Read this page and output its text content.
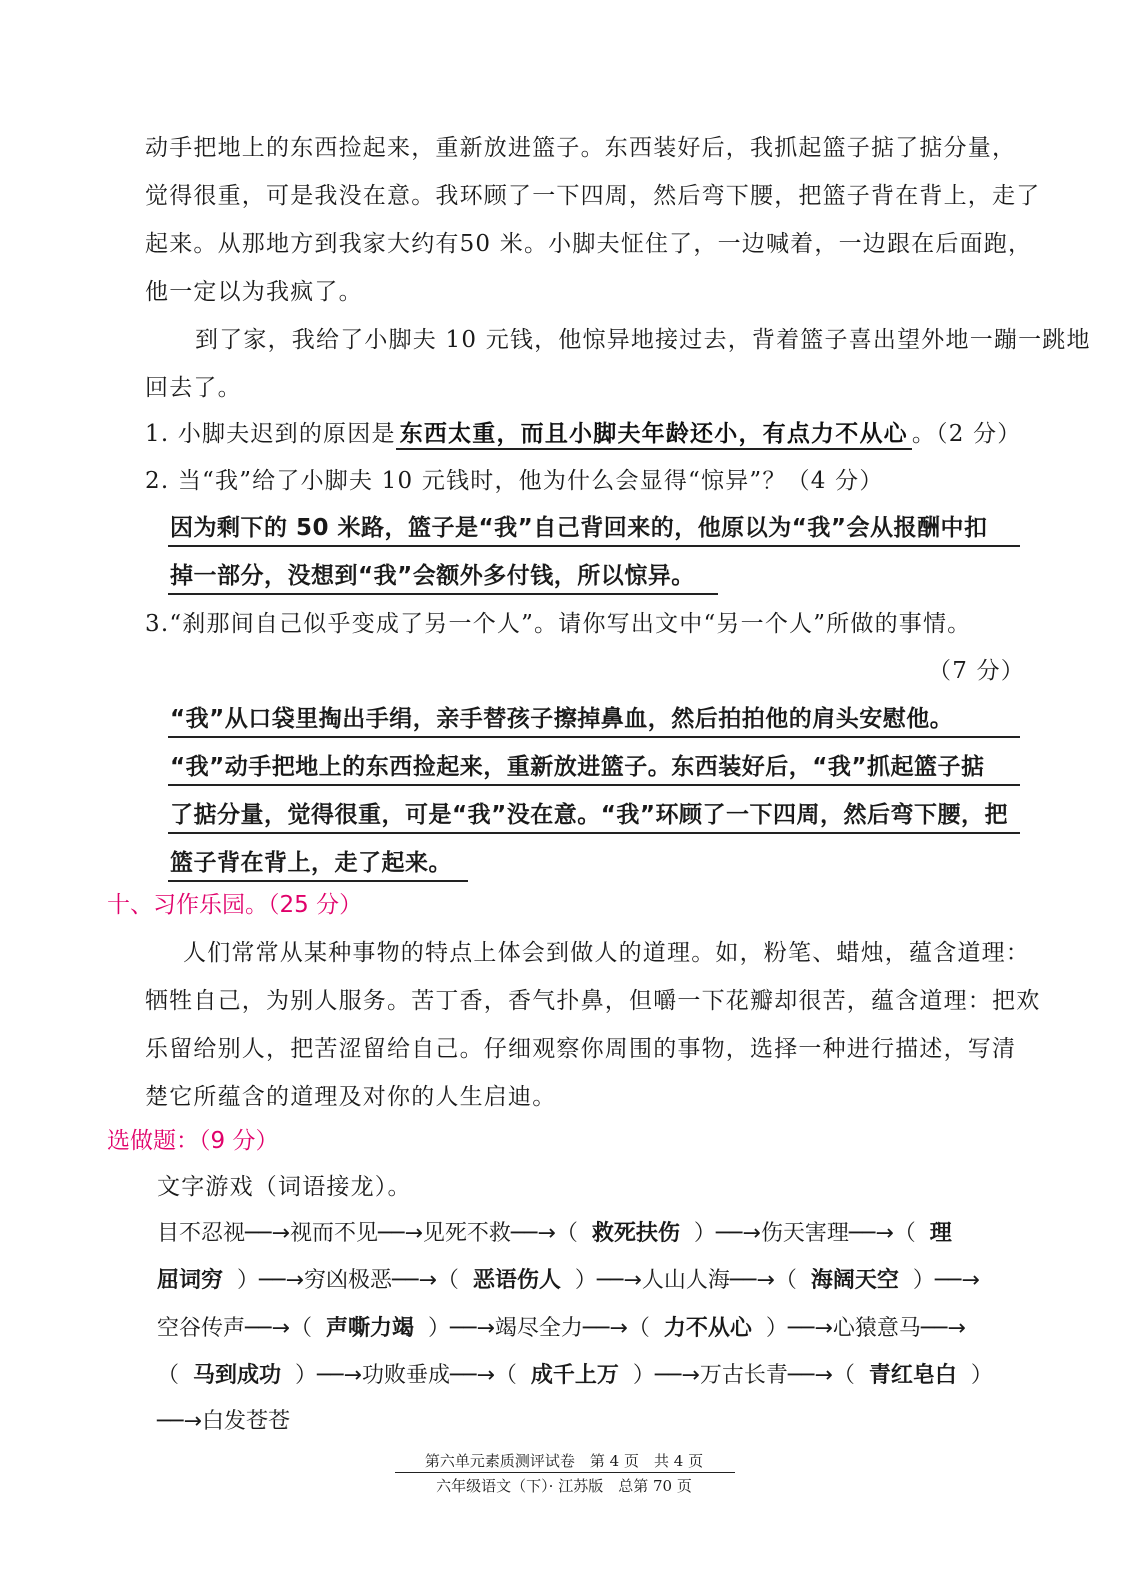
动手把地上的东西捡起来，重新放进篮子。东西装好后，我抓起篮子掂了掂分量，
觉得很重，可是我没在意。我环顾了一下四周，然后弯下腰，把篮子背在背上，走了
起来。从那地方到我家大约有50 米。小脚夫怔住了，一边喊着，一边跟在后面跑，
他一定以为我疯了。
到了家，我给了小脚夫 10 元钱，他惊异地接过去，背着篮子喜出望外地一蹦一跳地
回去了。
1. 小脚夫迟到的原因是 东西太重，而且小脚夫年龄还小，有点力不从心 。（2 分）
2. 当“我”给了小脚夫 10 元钱时，他为什么会显得“惊异”？（4 分）
因为剩下的 50 米路，篮子是“我”自己背回来的，他原以为“我”会从报酬中扣
掉一部分，没想到“我”会额外多付钱，所以惊异。
3.“刹那间自己似乎变成了另一个人”。请你写出文中“另一个人”所做的事情。
（7 分）
“我”从口袋里掏出手绢，亲手替孩子擦掉鼻血，然后拍拍他的肩头安慰他。
“我”动手把地上的东西捡起来，重新放进篮子。东西装好后，“我”抓起篮子掂
了掂分量，觉得很重，可是“我”没在意。“我”环顾了一下四周，然后弯下腰，把
篮子背在背上，走了起来。
十、习作乐园。（25 分）
人们常常从某种事物的特点上体会到做人的道理。如，粉笔、蜡烛，蕴含道理：
牺牲自己，为别人服务。苦丁香，香气扑鼻，但嚼一下花瓣却很苦，蕴含道理：把欢
乐留给别人，把苦涩留给自己。仔细观察你周围的事物，选择一种进行描述，写清
楚它所蕴含的道理及对你的人生启迪。
选做题：（9 分）
文字游戏（词语接龙）。
目不忍视──→视而不见──→见死不救──→（  救死扶伤  ）──→伤天害理──→（  理
屈词穷  ）──→穷凶极恶──→（  恶语伤人  ）──→人山人海──→（  海阔天空  ）──→
空谷传声──→（  声嘶力竭  ）──→竭尽全力──→（  力不从心  ）──→心猿意马──→
（  马到成功  ）──→功败垂成──→（  成千上万  ）──→万古长青──→（  青红皂白  ）
──→白发苍苍
第六单元素质测评试卷　第 4 页　共 4 页
六年级语文（下）· 江苏版　总第 70 页
